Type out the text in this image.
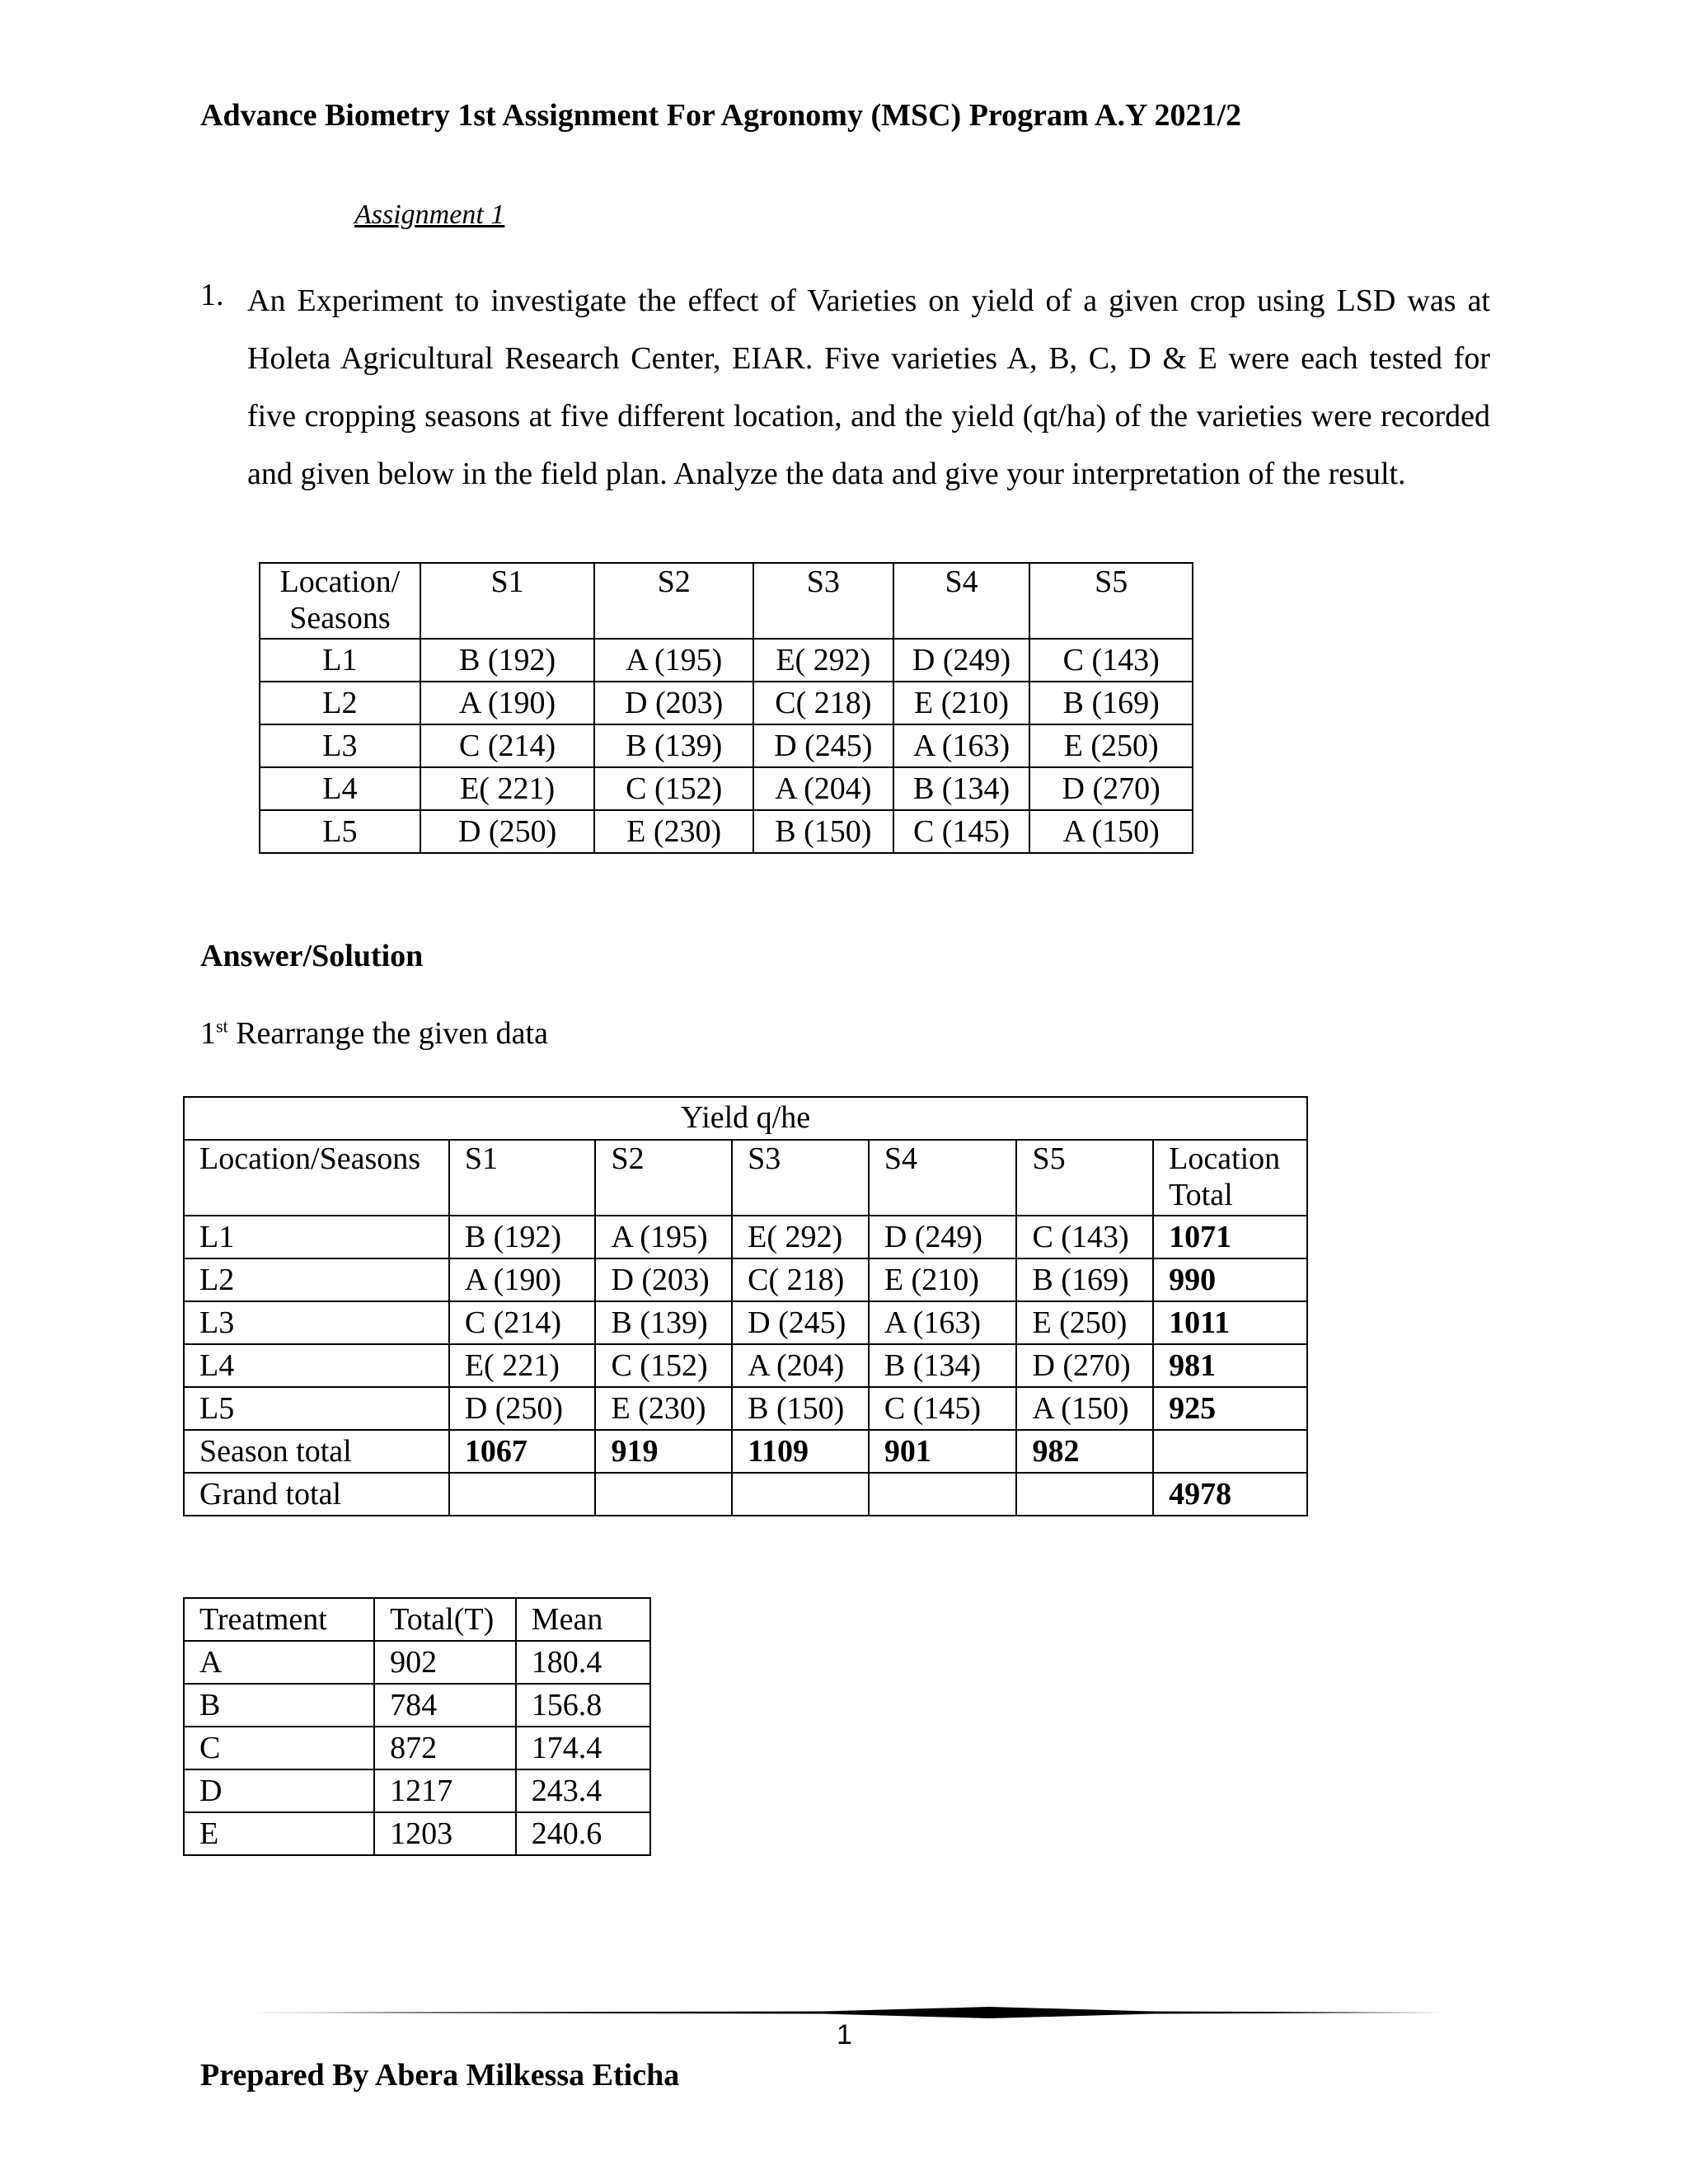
Advance Biometry 1st Assignment For Agronomy (MSC) Program A.Y 2021/2
Assignment 1
1. An Experiment to investigate the effect of Varieties on yield of a given crop using LSD was at Holeta Agricultural Research Center, EIAR. Five varieties A, B, C, D & E were each tested for five cropping seasons at five different location, and the yield (qt/ha) of the varieties were recorded and given below in the field plan. Analyze the data and give your interpretation of the result.
Location/
Seasons	S1	S2	S3	S4	S5
L1	B (192)	A (195)	E( 292)	D (249)	C (143)
L2	A (190)	D (203)	C( 218)	E (210)	B (169)
L3	C (214)	B (139)	D (245)	A (163)	E (250)
L4	E( 221)	C (152)	A (204)	B (134)	D (270)
L5	D (250)	E (230)	B (150)	C (145)	A (150)
Answer/Solution
1st Rearrange the given data
Yield q/he						
Location/Seasons	S1	S2	S3	S4	S5	Location
Total
L1	B (192)	A (195)	E( 292)	D (249)	C (143)	1071
L2	A (190)	D (203)	C( 218)	E (210)	B (169)	990
L3	C (214)	B (139)	D (245)	A (163)	E (250)	1011
L4	E( 221)	C (152)	A (204)	B (134)	D (270)	981
L5	D (250)	E (230)	B (150)	C (145)	A (150)	925
Season total	1067	919	1109	901	982	
Grand total						4978
Treatment	Total(T)	Mean
A	902	180.4
B	784	156.8
C	872	174.4
D	1217	243.4
E	1203	240.6
1
Prepared By Abera Milkessa Eticha
